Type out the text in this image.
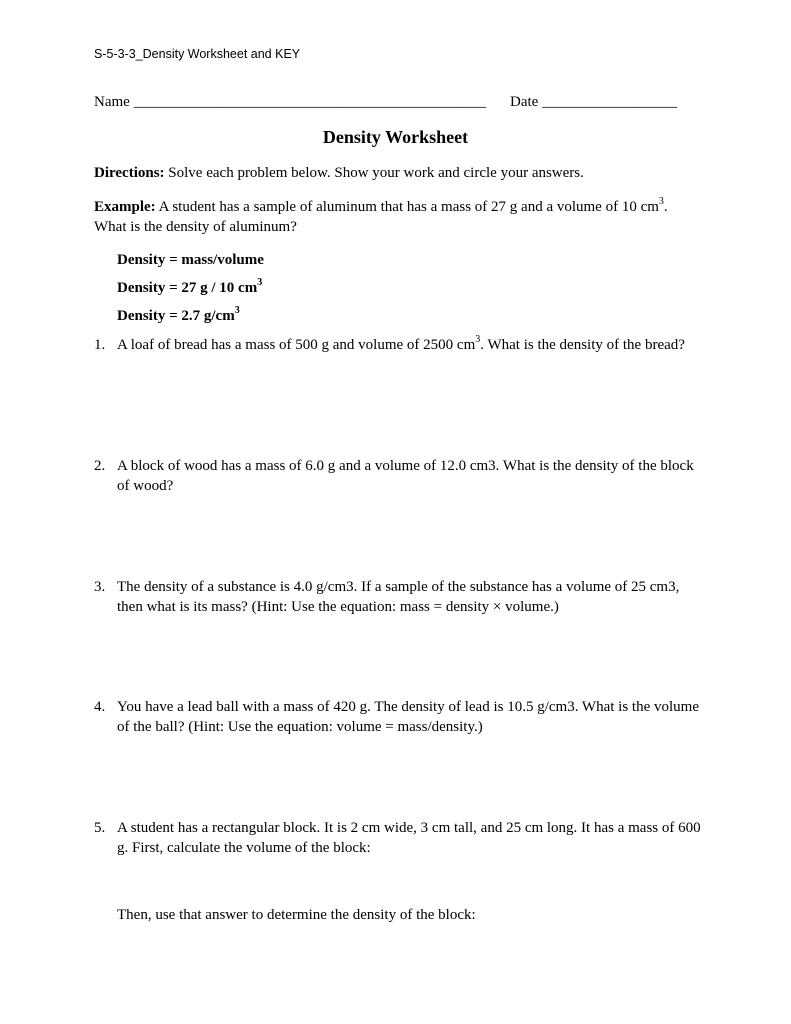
S-5-3-3_Density Worksheet and KEY
Name _______________________________________________ Date __________________
Density Worksheet
Directions: Solve each problem below. Show your work and circle your answers.
Example: A student has a sample of aluminum that has a mass of 27 g and a volume of 10 $cm^3$.
What is the density of aluminum?
Density = mass/volume
Density = 27 g / 10 $cm^3$
Density = 2.7 $g/cm^3$
1. A loaf of bread has a mass of 500 g and volume of 2500 $cm^3$. What is the density of the bread?
2. A block of wood has a mass of 6.0 g and a volume of 12.0 cm3. What is the density of the block of wood?
3. The density of a substance is 4.0 g/cm3. If a sample of the substance has a volume of 25 cm3, then what is its mass? (Hint: Use the equation: mass = density × volume.)
4. You have a lead ball with a mass of 420 g. The density of lead is 10.5 g/cm3. What is the volume of the ball? (Hint: Use the equation: volume = mass/density.)
5. A student has a rectangular block. It is 2 cm wide, 3 cm tall, and 25 cm long. It has a mass of 600 g. First, calculate the volume of the block:
Then, use that answer to determine the density of the block:
